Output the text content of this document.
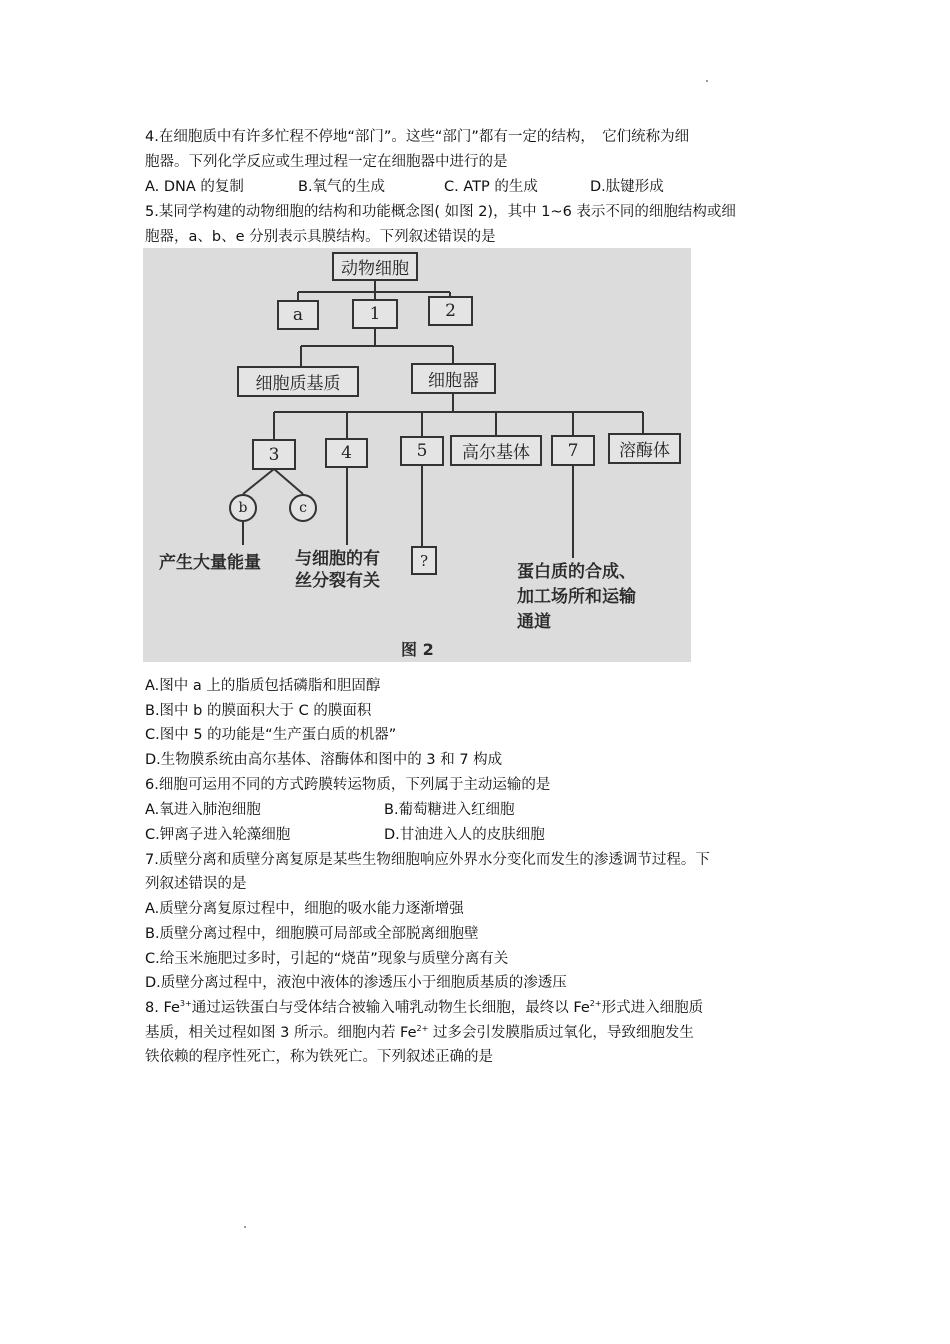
4.在细胞质中有许多忙程不停地“部门”。这些“部门”都有一定的结构，　它们统称为细
胞器。下列化学反应或生理过程一定在细胞器中进行的是
A. DNA 的复制	B.氧气的生成	C. ATP 的生成	D.肽键形成
5.某同学构建的动物细胞的结构和功能概念图( 如图 2)，其中 1~6 表示不同的细胞结构或细
胞器，a、b、e 分别表示具膜结构。下列叙述错误的是
动物细胞
a	1	2
细胞质基质	细胞器
3	4	5	高尔基体	7	溶酶体
b	c
?
产生大量能量 与细胞的有
丝分裂有关	蛋白质的合成、
加工场所和运输
通道
图 2
A.图中 a 上的脂质包括磷脂和胆固醇
B.图中 b 的膜面积大于 C 的膜面积
C.图中 5 的功能是“生产蛋白质的机器”
D.生物膜系统由高尔基体、溶酶体和图中的 3 和 7 构成
6.细胞可运用不同的方式跨膜转运物质，下列属于主动运输的是
A.氧进入肺泡细胞	B.葡萄糖进入红细胞
C.钾离子进入轮藻细胞	D.甘油进入人的皮肤细胞
7.质壁分离和质壁分离复原是某些生物细胞响应外界水分变化而发生的渗透调节过程。下
列叙述错误的是
A.质壁分离复原过程中，细胞的吸水能力逐渐增强
B.质壁分离过程中，细胞膜可局部或全部脱离细胞壁
C.给玉米施肥过多时，引起的“烧苗”现象与质壁分离有关
D.质壁分离过程中，液泡中液体的渗透压小于细胞质基质的渗透压
8. $Fe^{3+}$通过运铁蛋白与受体结合被输入哺乳动物生长细胞，最终以 $Fe^{2+}$形式进入细胞质
基质，相关过程如图 3 所示。细胞内若 $Fe^{2+}$ 过多会引发膜脂质过氧化，导致细胞发生
铁依赖的程序性死亡，称为铁死亡。下列叙述正确的是
